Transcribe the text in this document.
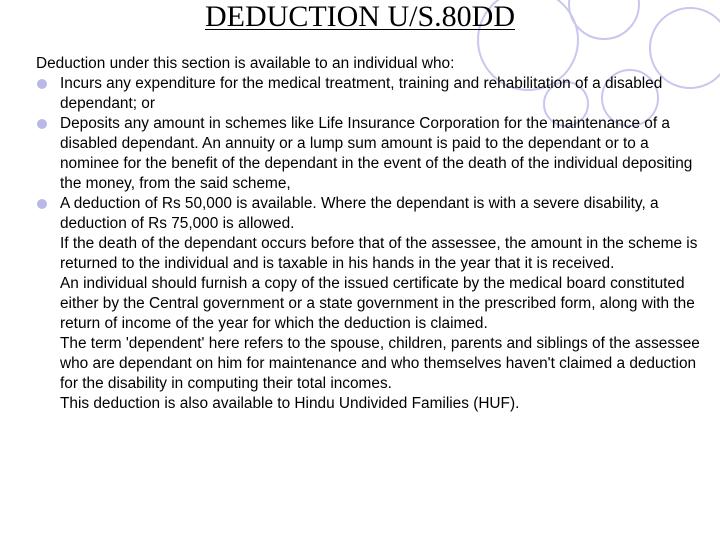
DEDUCTION U/S.80DD

Deduction under this section is available to an individual who:

Incurs any expenditure for the medical treatment, training and rehabilitation of a disabled dependant; or

Deposits any amount in schemes like Life Insurance Corporation for the maintenance of a disabled dependant. An annuity or a lump sum amount is paid to the dependant or to a nominee for the benefit of the dependant in the event of the death of the individual depositing the money, from the said scheme,

A deduction of Rs 50,000 is available. Where the dependant is with a severe disability, a deduction of Rs 75,000 is allowed.

If the death of the dependant occurs before that of the assessee, the amount in the scheme is returned to the individual and is taxable in his hands in the year that it is received.

An individual should furnish a copy of the issued certificate by the medical board constituted either by the Central government or a state government in the prescribed form, along with the return of income of the year for which the deduction is claimed.

The term 'dependent' here refers to the spouse, children, parents and siblings of the assessee who are dependant on him for maintenance and who themselves haven't claimed a deduction for the disability in computing their total incomes.

This deduction is also available to Hindu Undivided Families (HUF).
